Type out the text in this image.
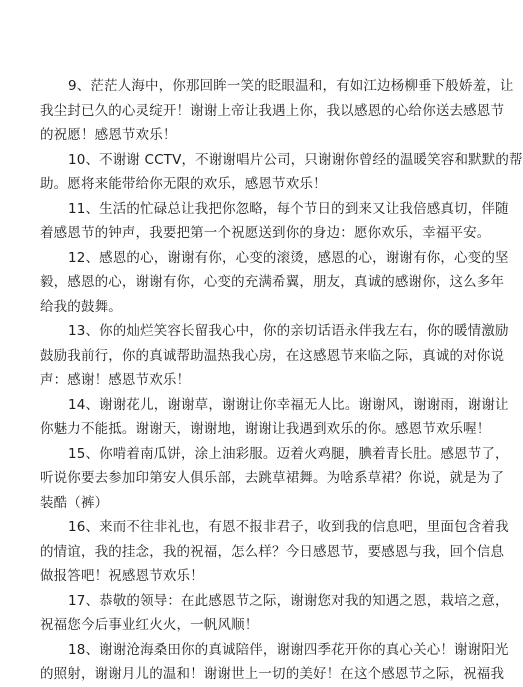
9、茫茫人海中，你那回眸一笑的眨眼温和，有如江边杨柳垂下般娇羞，让
我尘封已久的心灵绽开！谢谢上帝让我遇上你，我以感恩的心给你送去感恩节
的祝愿！感恩节欢乐！

10、不谢谢 CCTV，不谢谢唱片公司，只谢谢你曾经的温暖笑容和默默的帮
助。愿将来能带给你无限的欢乐，感恩节欢乐！

11、生活的忙碌总让我把你忽略，每个节日的到来又让我倍感真切，伴随
着感恩节的钟声，我要把第一个祝愿送到你的身边：愿你欢乐，幸福平安。

12、感恩的心，谢谢有你，心变的滚烫，感恩的心，谢谢有你，心变的坚
毅，感恩的心，谢谢有你，心变的充满希翼，朋友，真诚的感谢你，这么多年
给我的鼓舞。

13、你的灿烂笑容长留我心中，你的亲切话语永伴我左右，你的暖情激励
鼓励我前行，你的真诚帮助温热我心房，在这感恩节来临之际，真诚的对你说
声：感谢！感恩节欢乐！

14、谢谢花儿，谢谢草，谢谢让你幸福无人比。谢谢风，谢谢雨，谢谢让
你魅力不能抵。谢谢天，谢谢地，谢谢让我遇到欢乐的你。感恩节欢乐喔！

15、你啃着南瓜饼，涂上油彩服。迈着火鸡腿，腆着青长肚。感恩节了，
听说你要去参加印第安人俱乐部，去跳草裙舞。为啥系草裙？你说，就是为了
装酷（裤）

16、来而不往非礼也，有恩不报非君子，收到我的信息吧，里面包含着我
的情谊，我的挂念，我的祝福，怎么样？今日感恩节，要感恩与我，回个信息
做报答吧！祝感恩节欢乐！

17、恭敬的领导：在此感恩节之际，谢谢您对我的知遇之恩，栽培之意，
祝福您今后事业红火火，一帆风顺！

18、谢谢沧海桑田你的真诚陪伴，谢谢四季花开你的真心关心！谢谢阳光
的照射，谢谢月儿的温和！谢谢世上一切的美好！在这个感恩节之际，祝福我
